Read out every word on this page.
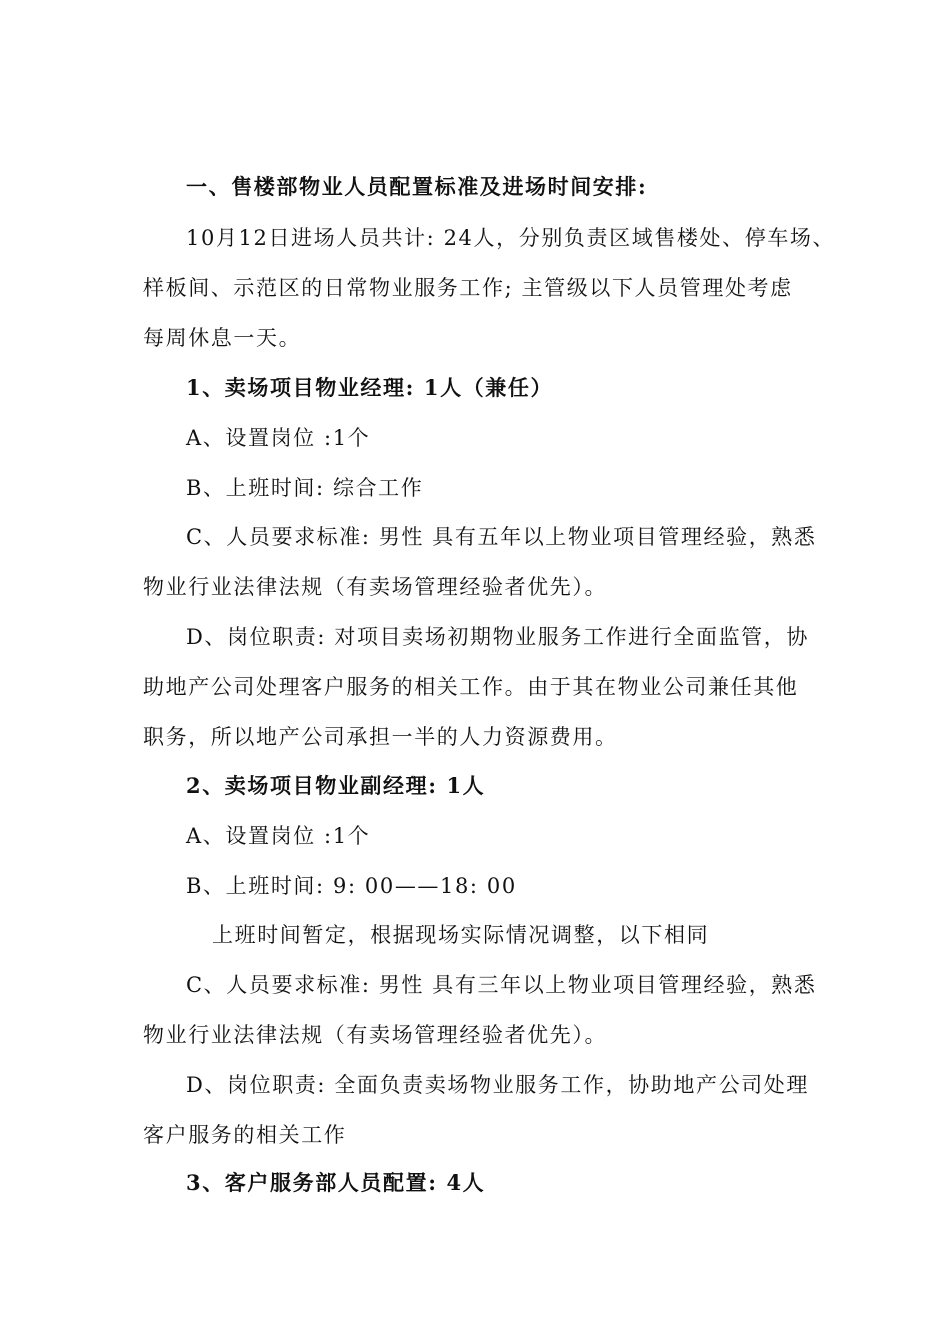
一、售楼部物业人员配置标准及进场时间安排:
10月12日进场人员共计: 24人，分别负责区域售楼处、停车场、
样板间、示范区的日常物业服务工作; 主管级以下人员管理处考虑
每周休息一天。
1、卖场项目物业经理: 1人（兼任）
A、设置岗位 :1个
B、上班时间: 综合工作
C、人员要求标准: 男性 具有五年以上物业项目管理经验，熟悉
物业行业法律法规（有卖场管理经验者优先）。
D、岗位职责: 对项目卖场初期物业服务工作进行全面监管，协
助地产公司处理客户服务的相关工作。由于其在物业公司兼任其他
职务，所以地产公司承担一半的人力资源费用。
2、卖场项目物业副经理: 1人
A、设置岗位 :1个
B、上班时间: 9: 00——18: 00
上班时间暂定，根据现场实际情况调整，以下相同
C、人员要求标准: 男性 具有三年以上物业项目管理经验，熟悉
物业行业法律法规（有卖场管理经验者优先）。
D、岗位职责: 全面负责卖场物业服务工作，协助地产公司处理
客户服务的相关工作
3、客户服务部人员配置: 4人
